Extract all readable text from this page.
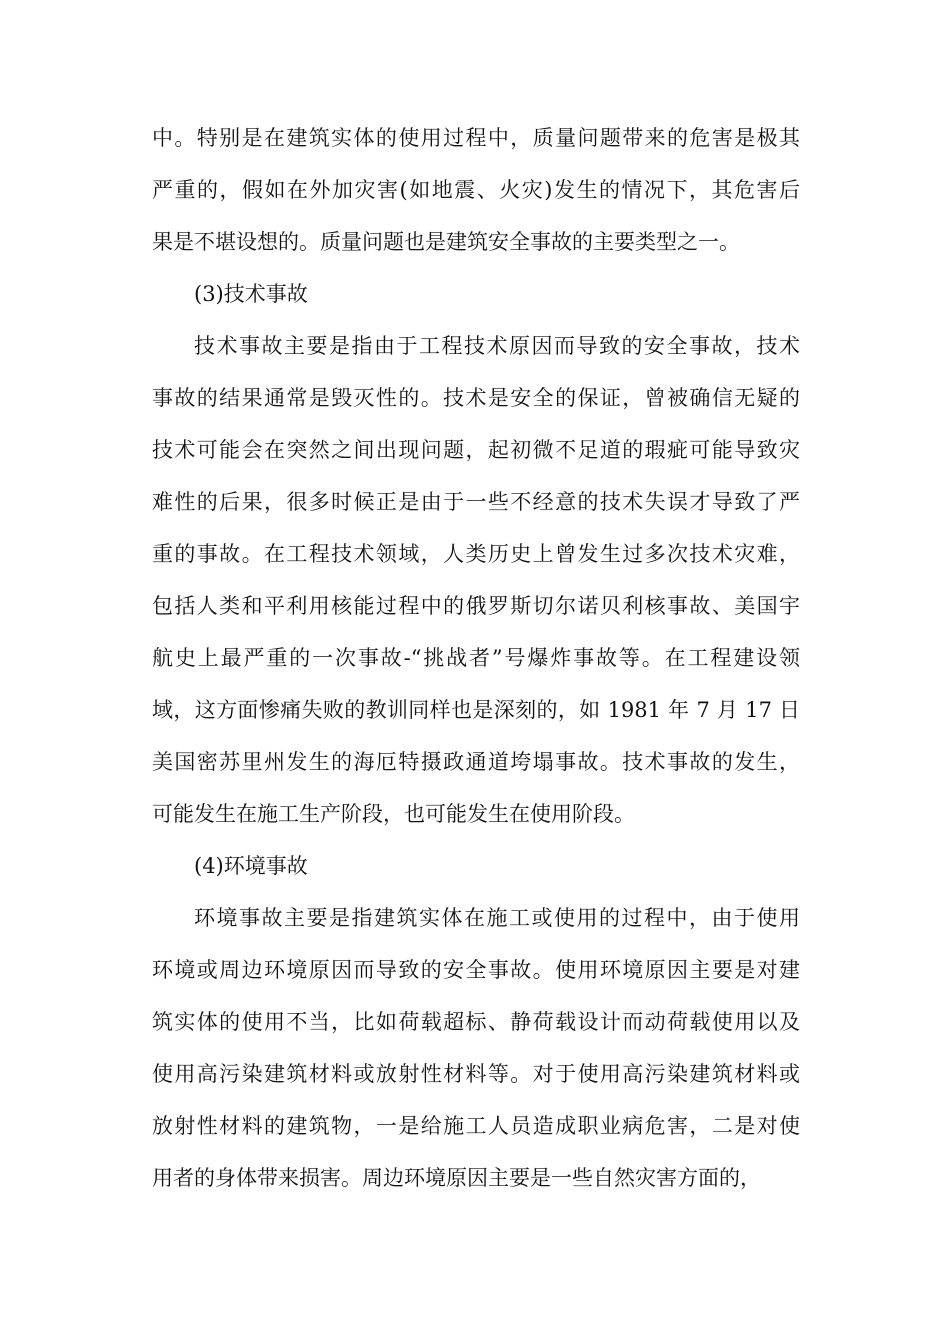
中。特别是在建筑实体的使用过程中，质量问题带来的危害是极其
严重的，假如在外加灾害(如地震、火灾)发生的情况下，其危害后
果是不堪设想的。质量问题也是建筑安全事故的主要类型之一。
(3)技术事故
技术事故主要是指由于工程技术原因而导致的安全事故，技术
事故的结果通常是毁灭性的。技术是安全的保证，曾被确信无疑的
技术可能会在突然之间出现问题，起初微不足道的瑕疵可能导致灾
难性的后果，很多时候正是由于一些不经意的技术失误才导致了严
重的事故。在工程技术领域，人类历史上曾发生过多次技术灾难，
包括人类和平利用核能过程中的俄罗斯切尔诺贝利核事故、美国宇
航史上最严重的一次事故-“挑战者”号爆炸事故等。在工程建设领
域，这方面惨痛失败的教训同样也是深刻的，如 1981 年 7 月 17 日
美国密苏里州发生的海厄特摄政通道垮塌事故。技术事故的发生，
可能发生在施工生产阶段，也可能发生在使用阶段。
(4)环境事故
环境事故主要是指建筑实体在施工或使用的过程中，由于使用
环境或周边环境原因而导致的安全事故。使用环境原因主要是对建
筑实体的使用不当，比如荷载超标、静荷载设计而动荷载使用以及
使用高污染建筑材料或放射性材料等。对于使用高污染建筑材料或
放射性材料的建筑物，一是给施工人员造成职业病危害，二是对使
用者的身体带来损害。周边环境原因主要是一些自然灾害方面的，
